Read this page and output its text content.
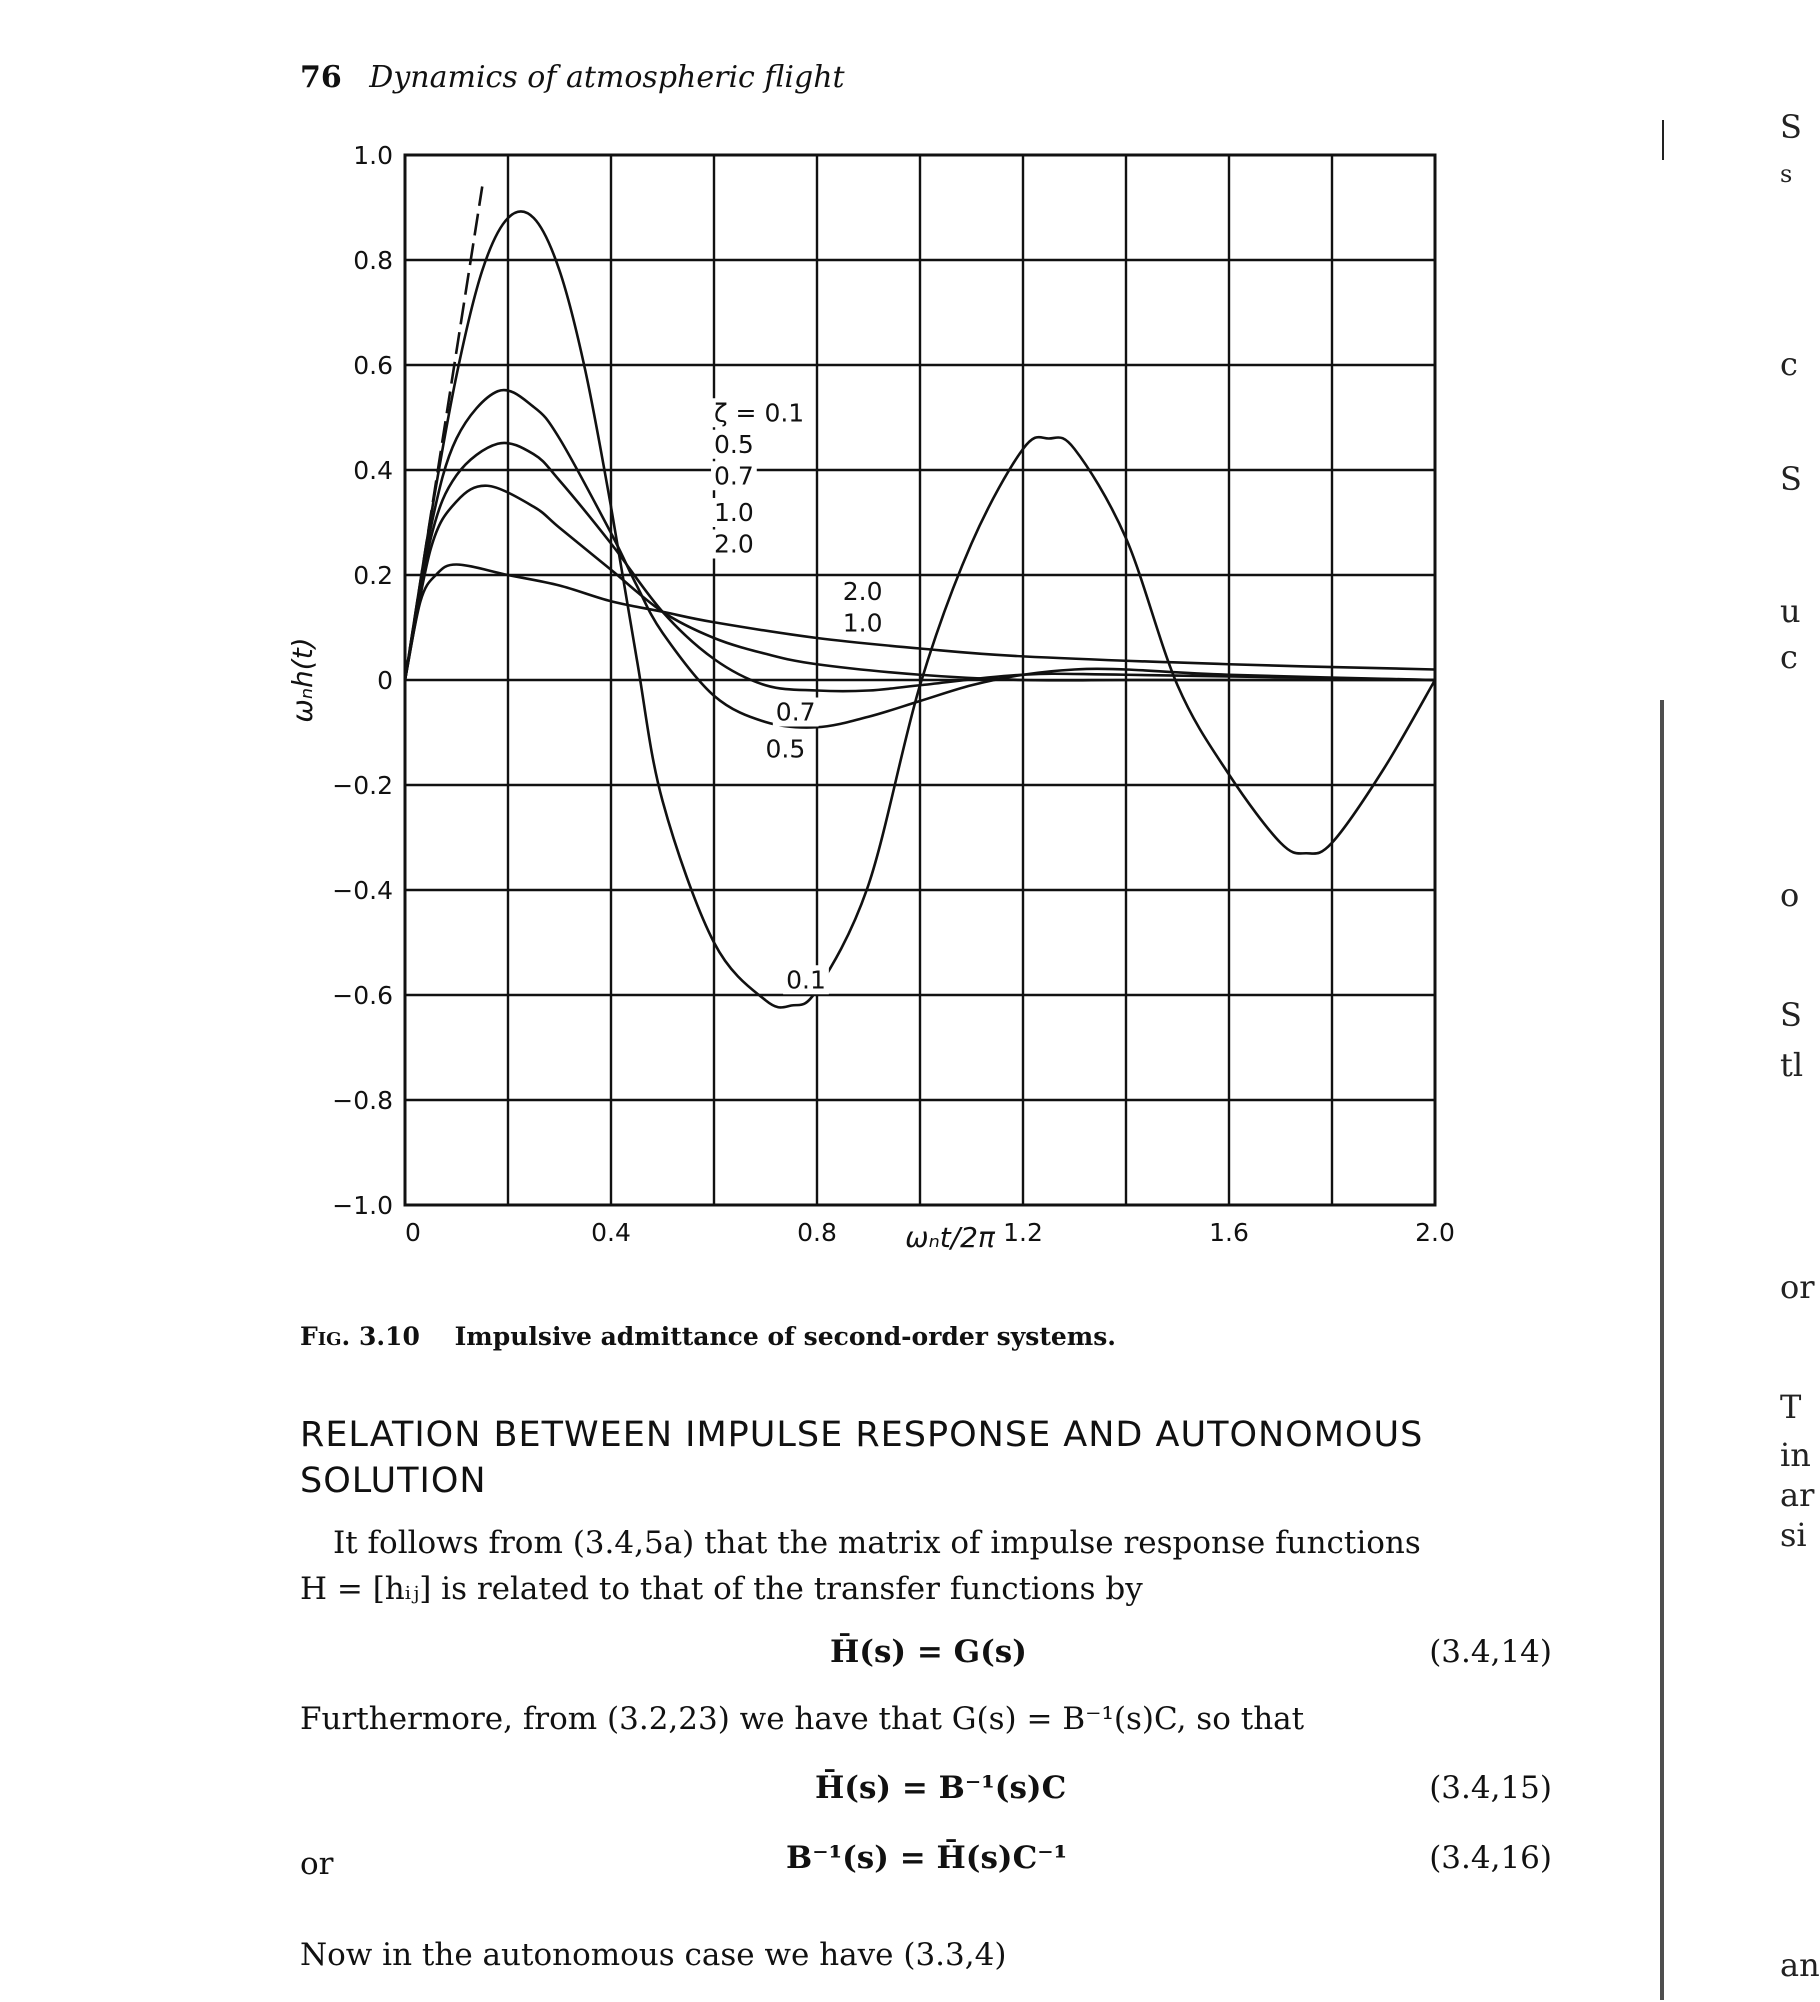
76 Dynamics of atmospheric flight
0	0.4	0.8	1.2	1.6	2.0
1.0
0.8
0.6
0.4
0.2
0
−0.2
−0.4
−0.6
−0.8
−1.0
ζ = 0.1
0.5
0.7
1.0
2.0
2.0
1.0
0.7
0.5
0.1
ωₙt/2π
ωₙh(t)
Fig. 3.10 Impulsive admittance of second-order systems.
RELATION BETWEEN IMPULSE RESPONSE AND AUTONOMOUS SOLUTION
It follows from (3.4,5a) that the matrix of impulse response functions
H = [hᵢⱼ] is related to that of the transfer functions by
H̄(s) = G(s)	(3.4,14)
Furthermore, from (3.2,23) we have that G(s) = B⁻¹(s)C, so that
H̄(s) = B⁻¹(s)C	(3.4,15)
or	B⁻¹(s) = H̄(s)C⁻¹	(3.4,16)
Now in the autonomous case we have (3.3,4)
S
s
c
S
u
c
o
S
tl
or
T
in
ar
si
an
